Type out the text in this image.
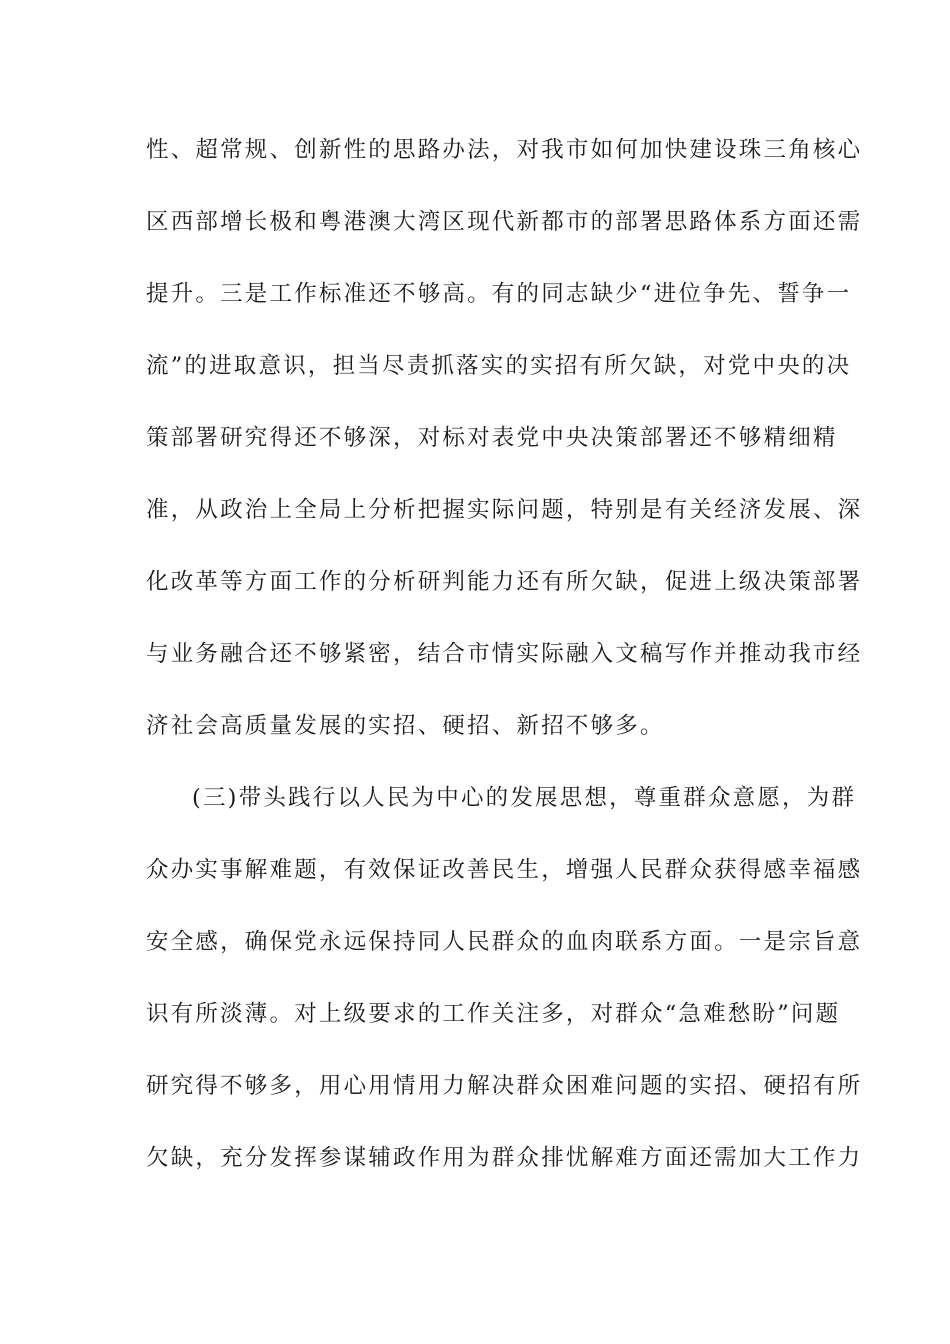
性、超常规、创新性的思路办法，对我市如何加快建设珠三角核心
区西部增长极和粤港澳大湾区现代新都市的部署思路体系方面还需
提升。三是工作标准还不够高。有的同志缺少“进位争先、誓争一
流”的进取意识，担当尽责抓落实的实招有所欠缺，对党中央的决
策部署研究得还不够深，对标对表党中央决策部署还不够精细精
准，从政治上全局上分析把握实际问题，特别是有关经济发展、深
化改革等方面工作的分析研判能力还有所欠缺，促进上级决策部署
与业务融合还不够紧密，结合市情实际融入文稿写作并推动我市经
济社会高质量发展的实招、硬招、新招不够多。
(三)带头践行以人民为中心的发展思想，尊重群众意愿，为群
众办实事解难题，有效保证改善民生，增强人民群众获得感幸福感
安全感，确保党永远保持同人民群众的血肉联系方面。一是宗旨意
识有所淡薄。对上级要求的工作关注多，对群众“急难愁盼”问题
研究得不够多，用心用情用力解决群众困难问题的实招、硬招有所
欠缺，充分发挥参谋辅政作用为群众排忧解难方面还需加大工作力
